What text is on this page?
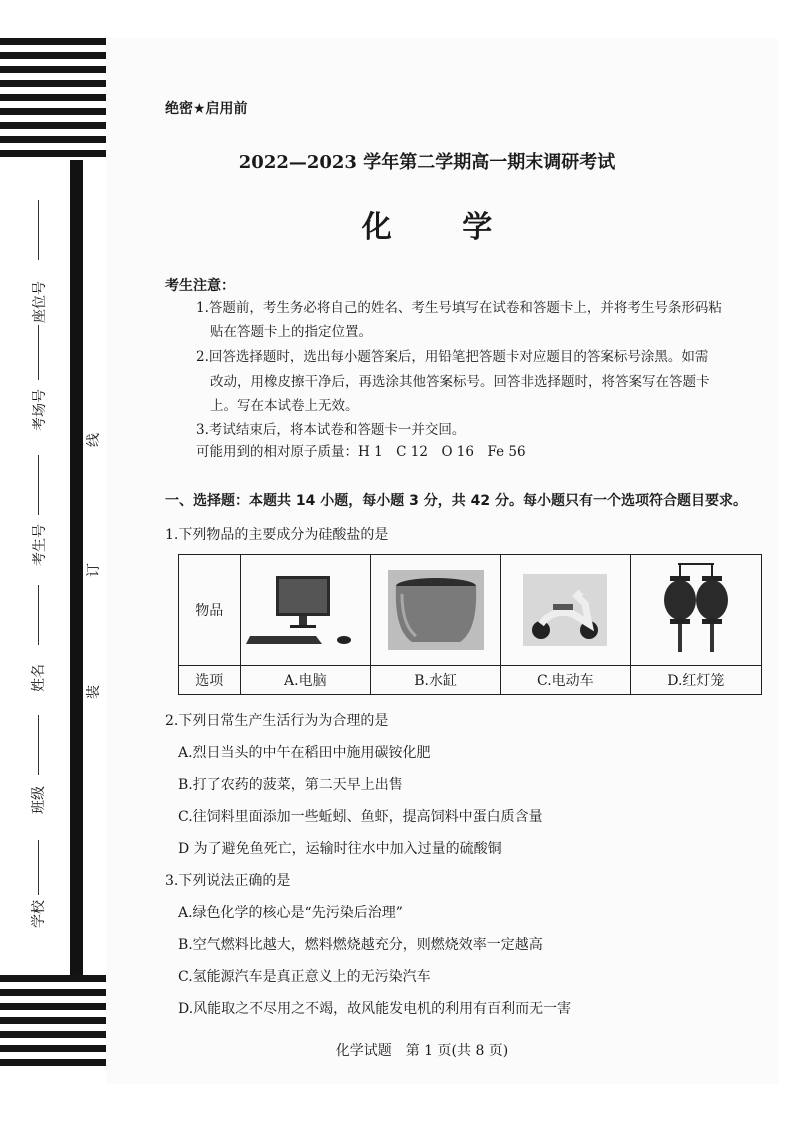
座位号
考场号
考生号
姓名
班级
学校
线
订
装
绝密★启用前
2022—2023 学年第二学期高一期末调研考试
化 学
考生注意：
1.答题前，考生务必将自己的姓名、考生号填写在试卷和答题卡上，并将考生号条形码粘
贴在答题卡上的指定位置。
2.回答选择题时，选出每小题答案后，用铅笔把答题卡对应题目的答案标号涂黑。如需
改动，用橡皮擦干净后，再选涂其他答案标号。回答非选择题时，将答案写在答题卡
上。写在本试卷上无效。
3.考试结束后，将本试卷和答题卡一并交回。
可能用到的相对原子质量：H 1　C 12　O 16　Fe 56
一、选择题：本题共 14 小题，每小题 3 分，共 42 分。每小题只有一个选项符合题目要求。
1.下列物品的主要成分为硅酸盐的是
物品	

选项	A.电脑	B.水缸	C.电动车	D.红灯笼
2.下列日常生产生活行为为合理的是
A.烈日当头的中午在稻田中施用碳铵化肥
B.打了农药的菠菜，第二天早上出售
C.往饲料里面添加一些蚯蚓、鱼虾，提高饲料中蛋白质含量
D 为了避免鱼死亡，运输时往水中加入过量的硫酸铜
3.下列说法正确的是
A.绿色化学的核心是“先污染后治理”
B.空气燃料比越大，燃料燃烧越充分，则燃烧效率一定越高
C.氢能源汽车是真正意义上的无污染汽车
D.风能取之不尽用之不竭，故风能发电机的利用有百利而无一害
化学试题　第 1 页(共 8 页)
